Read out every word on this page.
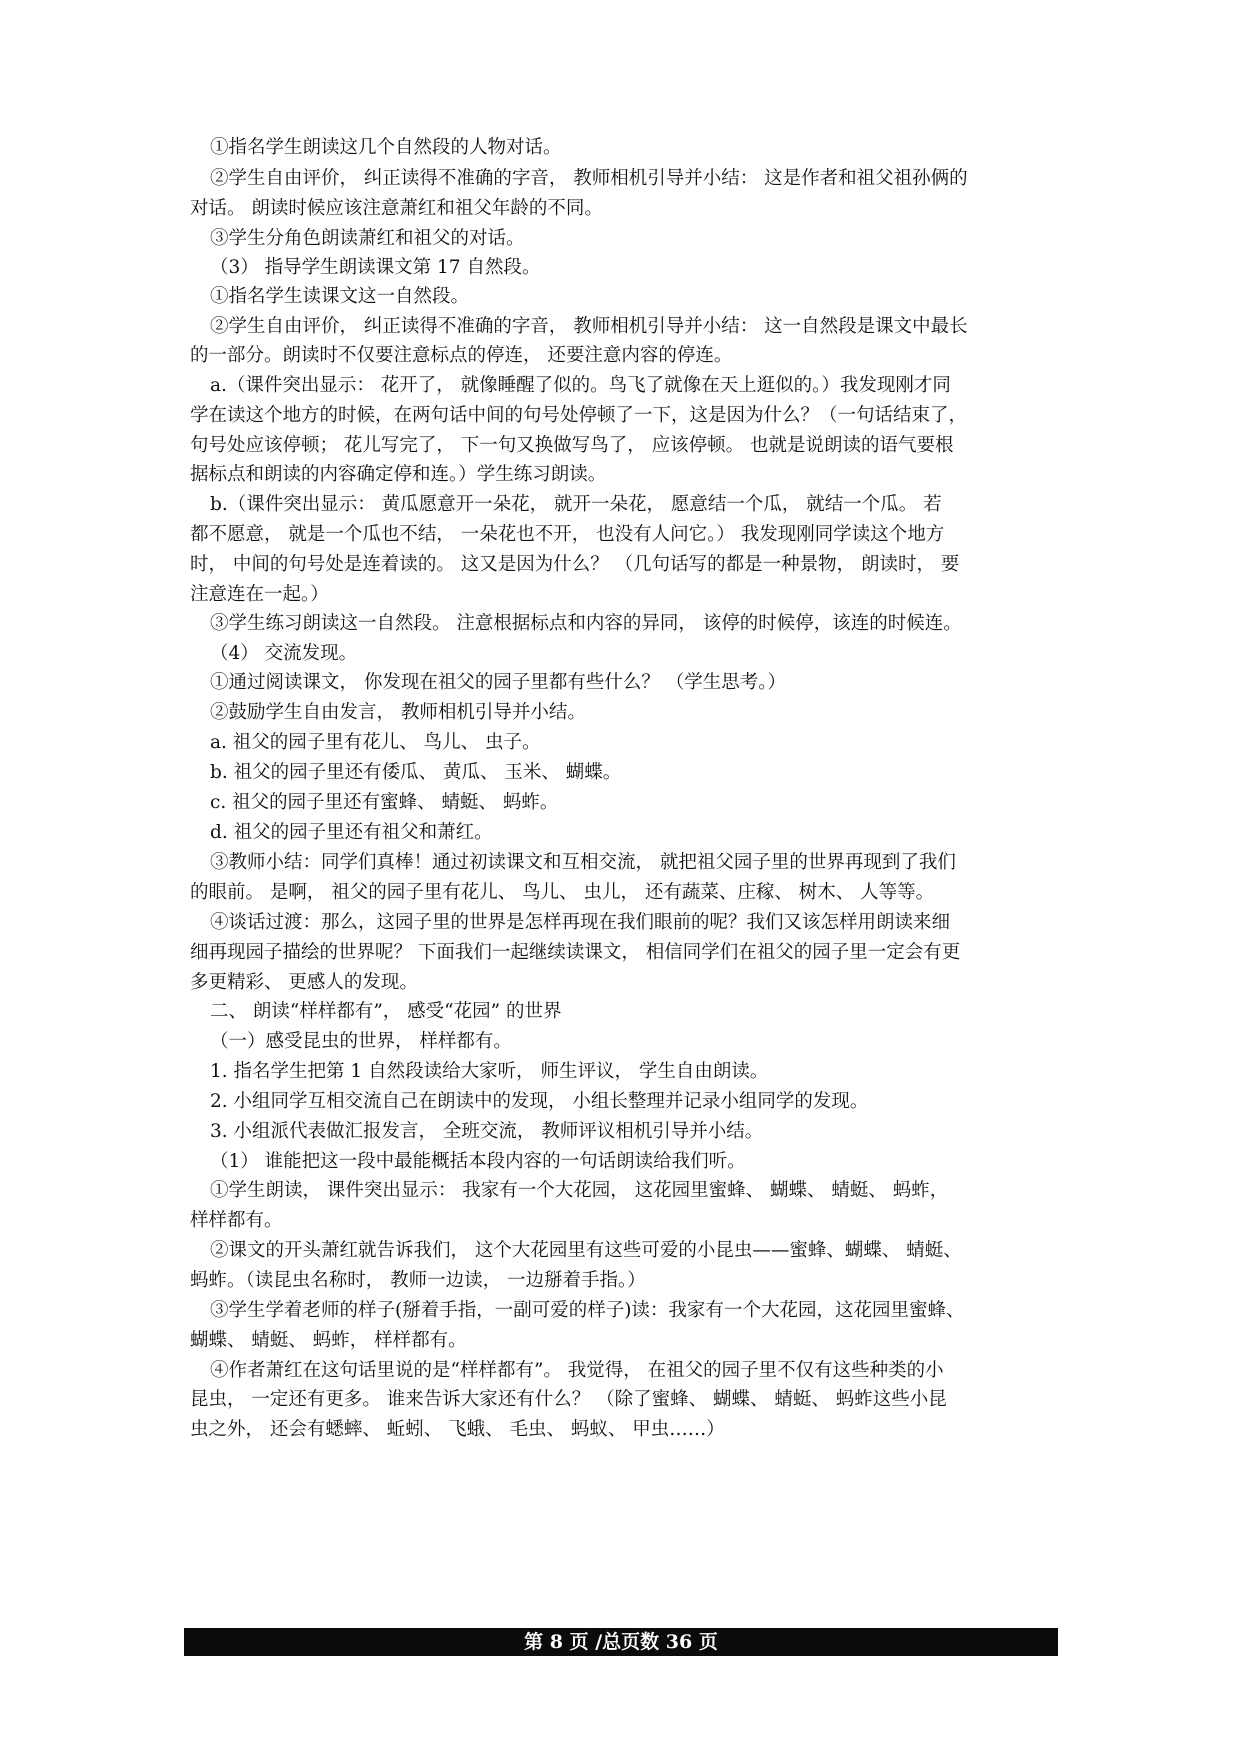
①指名学生朗读这几个自然段的人物对话。
②学生自由评价， 纠正读得不准确的字音， 教师相机引导并小结： 这是作者和祖父祖孙俩的
对话。 朗读时候应该注意萧红和祖父年龄的不同。
③学生分角色朗读萧红和祖父的对话。
（3） 指导学生朗读课文第 17 自然段。
①指名学生读课文这一自然段。
②学生自由评价， 纠正读得不准确的字音， 教师相机引导并小结： 这一自然段是课文中最长
的一部分。朗读时不仅要注意标点的停连， 还要注意内容的停连。
a.（课件突出显示： 花开了， 就像睡醒了似的。鸟飞了就像在天上逛似的。）我发现刚才同
学在读这个地方的时候，在两句话中间的句号处停顿了一下，这是因为什么？（一句话结束了，
句号处应该停顿； 花儿写完了， 下一句又换做写鸟了， 应该停顿。 也就是说朗读的语气要根
据标点和朗读的内容确定停和连。）学生练习朗读。
b.（课件突出显示： 黄瓜愿意开一朵花， 就开一朵花， 愿意结一个瓜， 就结一个瓜。 若
都不愿意， 就是一个瓜也不结， 一朵花也不开， 也没有人问它。） 我发现刚同学读这个地方
时， 中间的句号处是连着读的。 这又是因为什么？ （几句话写的都是一种景物， 朗读时， 要
注意连在一起。）
③学生练习朗读这一自然段。 注意根据标点和内容的异同， 该停的时候停，该连的时候连。
（4） 交流发现。
①通过阅读课文， 你发现在祖父的园子里都有些什么？ （学生思考。）
②鼓励学生自由发言， 教师相机引导并小结。
a. 祖父的园子里有花儿、 鸟儿、 虫子。
b. 祖父的园子里还有倭瓜、 黄瓜、 玉米、 蝴蝶。
c. 祖父的园子里还有蜜蜂、 蜻蜓、 蚂蚱。
d. 祖父的园子里还有祖父和萧红。
③教师小结：同学们真棒！通过初读课文和互相交流， 就把祖父园子里的世界再现到了我们
的眼前。 是啊， 祖父的园子里有花儿、 鸟儿、 虫儿， 还有蔬菜、庄稼、 树木、 人等等。
④谈话过渡：那么，这园子里的世界是怎样再现在我们眼前的呢？我们又该怎样用朗读来细
细再现园子描绘的世界呢？ 下面我们一起继续读课文， 相信同学们在祖父的园子里一定会有更
多更精彩、 更感人的发现。
二、 朗读“样样都有”， 感受“花园” 的世界
（一）感受昆虫的世界， 样样都有。
1. 指名学生把第 1 自然段读给大家听， 师生评议， 学生自由朗读。
2. 小组同学互相交流自己在朗读中的发现， 小组长整理并记录小组同学的发现。
3. 小组派代表做汇报发言， 全班交流， 教师评议相机引导并小结。
（1） 谁能把这一段中最能概括本段内容的一句话朗读给我们听。
①学生朗读， 课件突出显示： 我家有一个大花园， 这花园里蜜蜂、 蝴蝶、 蜻蜓、 蚂蚱，
样样都有。
②课文的开头萧红就告诉我们， 这个大花园里有这些可爱的小昆虫——蜜蜂、蝴蝶、 蜻蜓、
蚂蚱。（读昆虫名称时， 教师一边读， 一边掰着手指。）
③学生学着老师的样子(掰着手指，一副可爱的样子)读：我家有一个大花园，这花园里蜜蜂、
蝴蝶、 蜻蜓、 蚂蚱， 样样都有。
④作者萧红在这句话里说的是“样样都有”。 我觉得， 在祖父的园子里不仅有这些种类的小
昆虫， 一定还有更多。 谁来告诉大家还有什么？ （除了蜜蜂、 蝴蝶、 蜻蜓、 蚂蚱这些小昆
虫之外， 还会有蟋蟀、 蚯蚓、 飞蛾、 毛虫、 蚂蚁、 甲虫……）
第 8 页 /总页数 36 页
